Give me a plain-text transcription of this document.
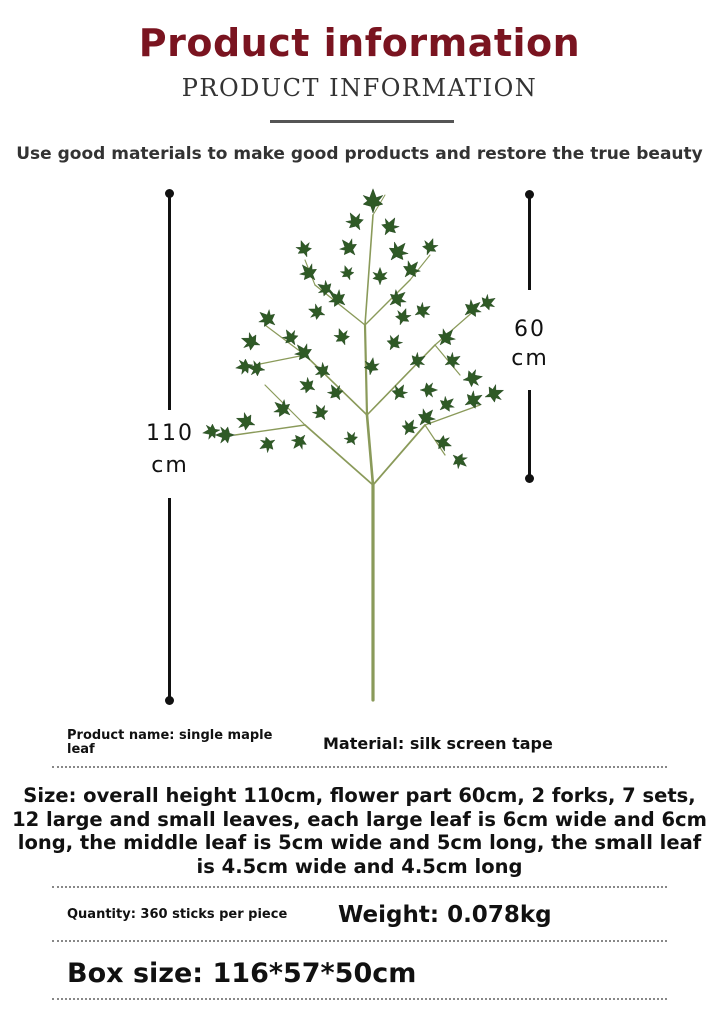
Product information
PRODUCT INFORMATION
Use good materials to make good products and restore the true beauty
110
cm
60
cm
Product name: single maple leaf	Material: silk screen tape
Size: overall height 110cm, flower part 60cm, 2 forks, 7 sets, 12 large and small leaves, each large leaf is 6cm wide and 6cm long, the middle leaf is 5cm wide and 5cm long, the small leaf is 4.5cm wide and 4.5cm long
Quantity: 360 sticks per piece Weight: 0.078kg
Box size: 116*57*50cm
